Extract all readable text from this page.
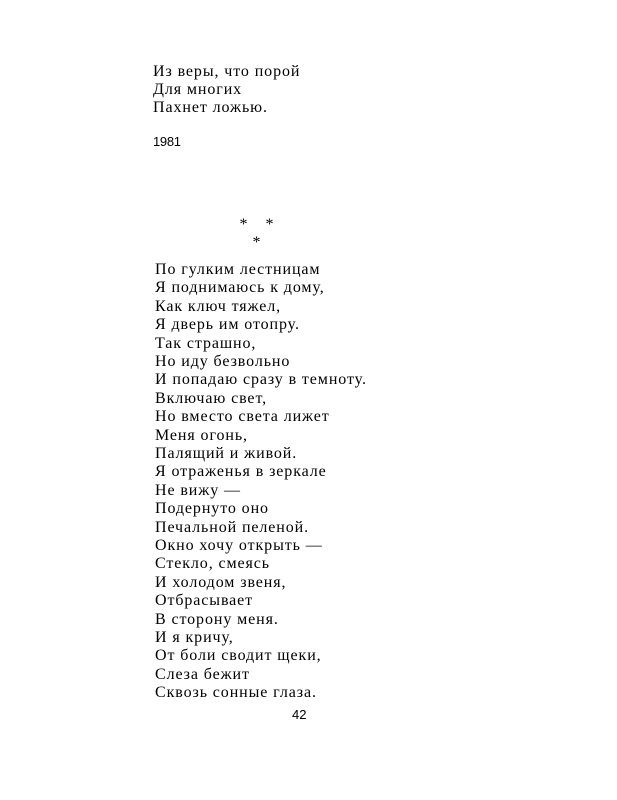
Из веры, что порой
Для многих
Пахнет ложью.
1981
* * *
По гулким лестницам
Я поднимаюсь к дому,
Как ключ тяжел,
Я дверь им отопру.
Так страшно,
Но иду безвольно
И попадаю сразу в темноту.
Включаю свет,
Но вместо света лижет
Меня огонь,
Палящий и живой.
Я отраженья в зеркале
Не вижу —
Подернуто оно
Печальной пеленой.
Окно хочу открыть —
Стекло, смеясь
И холодом звеня,
Отбрасывает
В сторону меня.
И я кричу,
От боли сводит щеки,
Слеза бежит
Сквозь сонные глаза.
42
